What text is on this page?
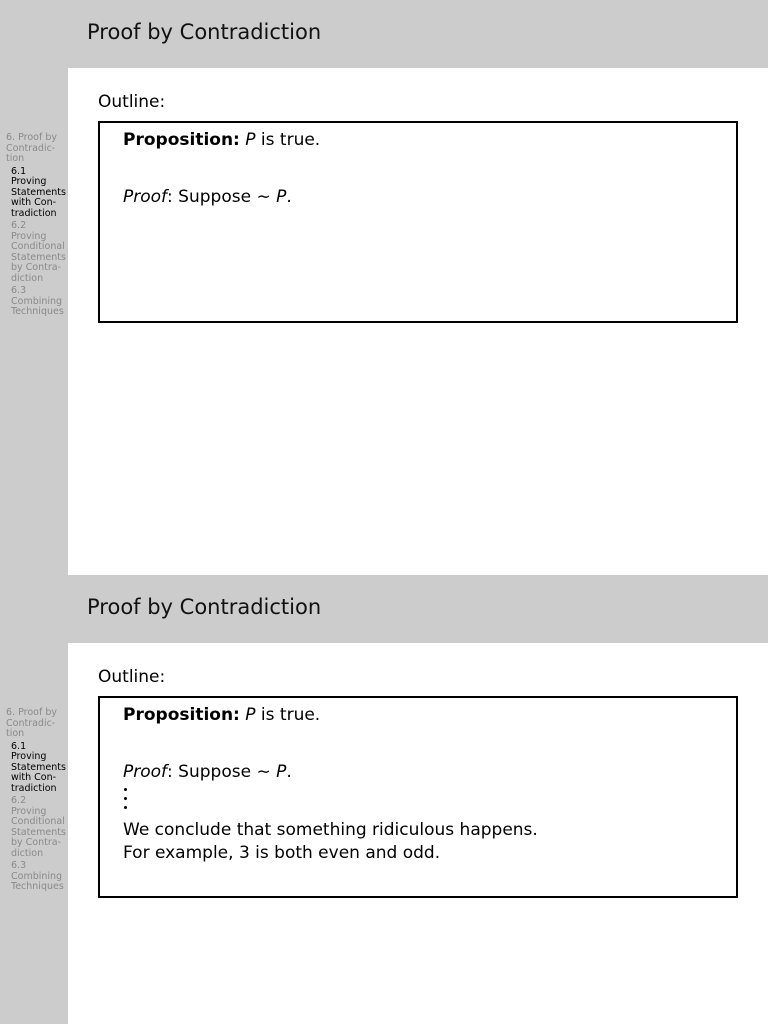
Proof by Contradiction
6. Proof by
Contradic-
tion
6.1
Proving
Statements
with Con-
tradiction
6.2
Proving
Conditional
Statements
by Contra-
diction
6.3
Combining
Techniques
Outline:
Proposition: P is true.
Proof: Suppose ∼ P.
Proof by Contradiction
6. Proof by
Contradic-
tion
6.1
Proving
Statements
with Con-
tradiction
6.2
Proving
Conditional
Statements
by Contra-
diction
6.3
Combining
Techniques
Outline:
Proposition: P is true.
Proof: Suppose ∼ P.
We conclude that something ridiculous happens.
For example, 3 is both even and odd.
